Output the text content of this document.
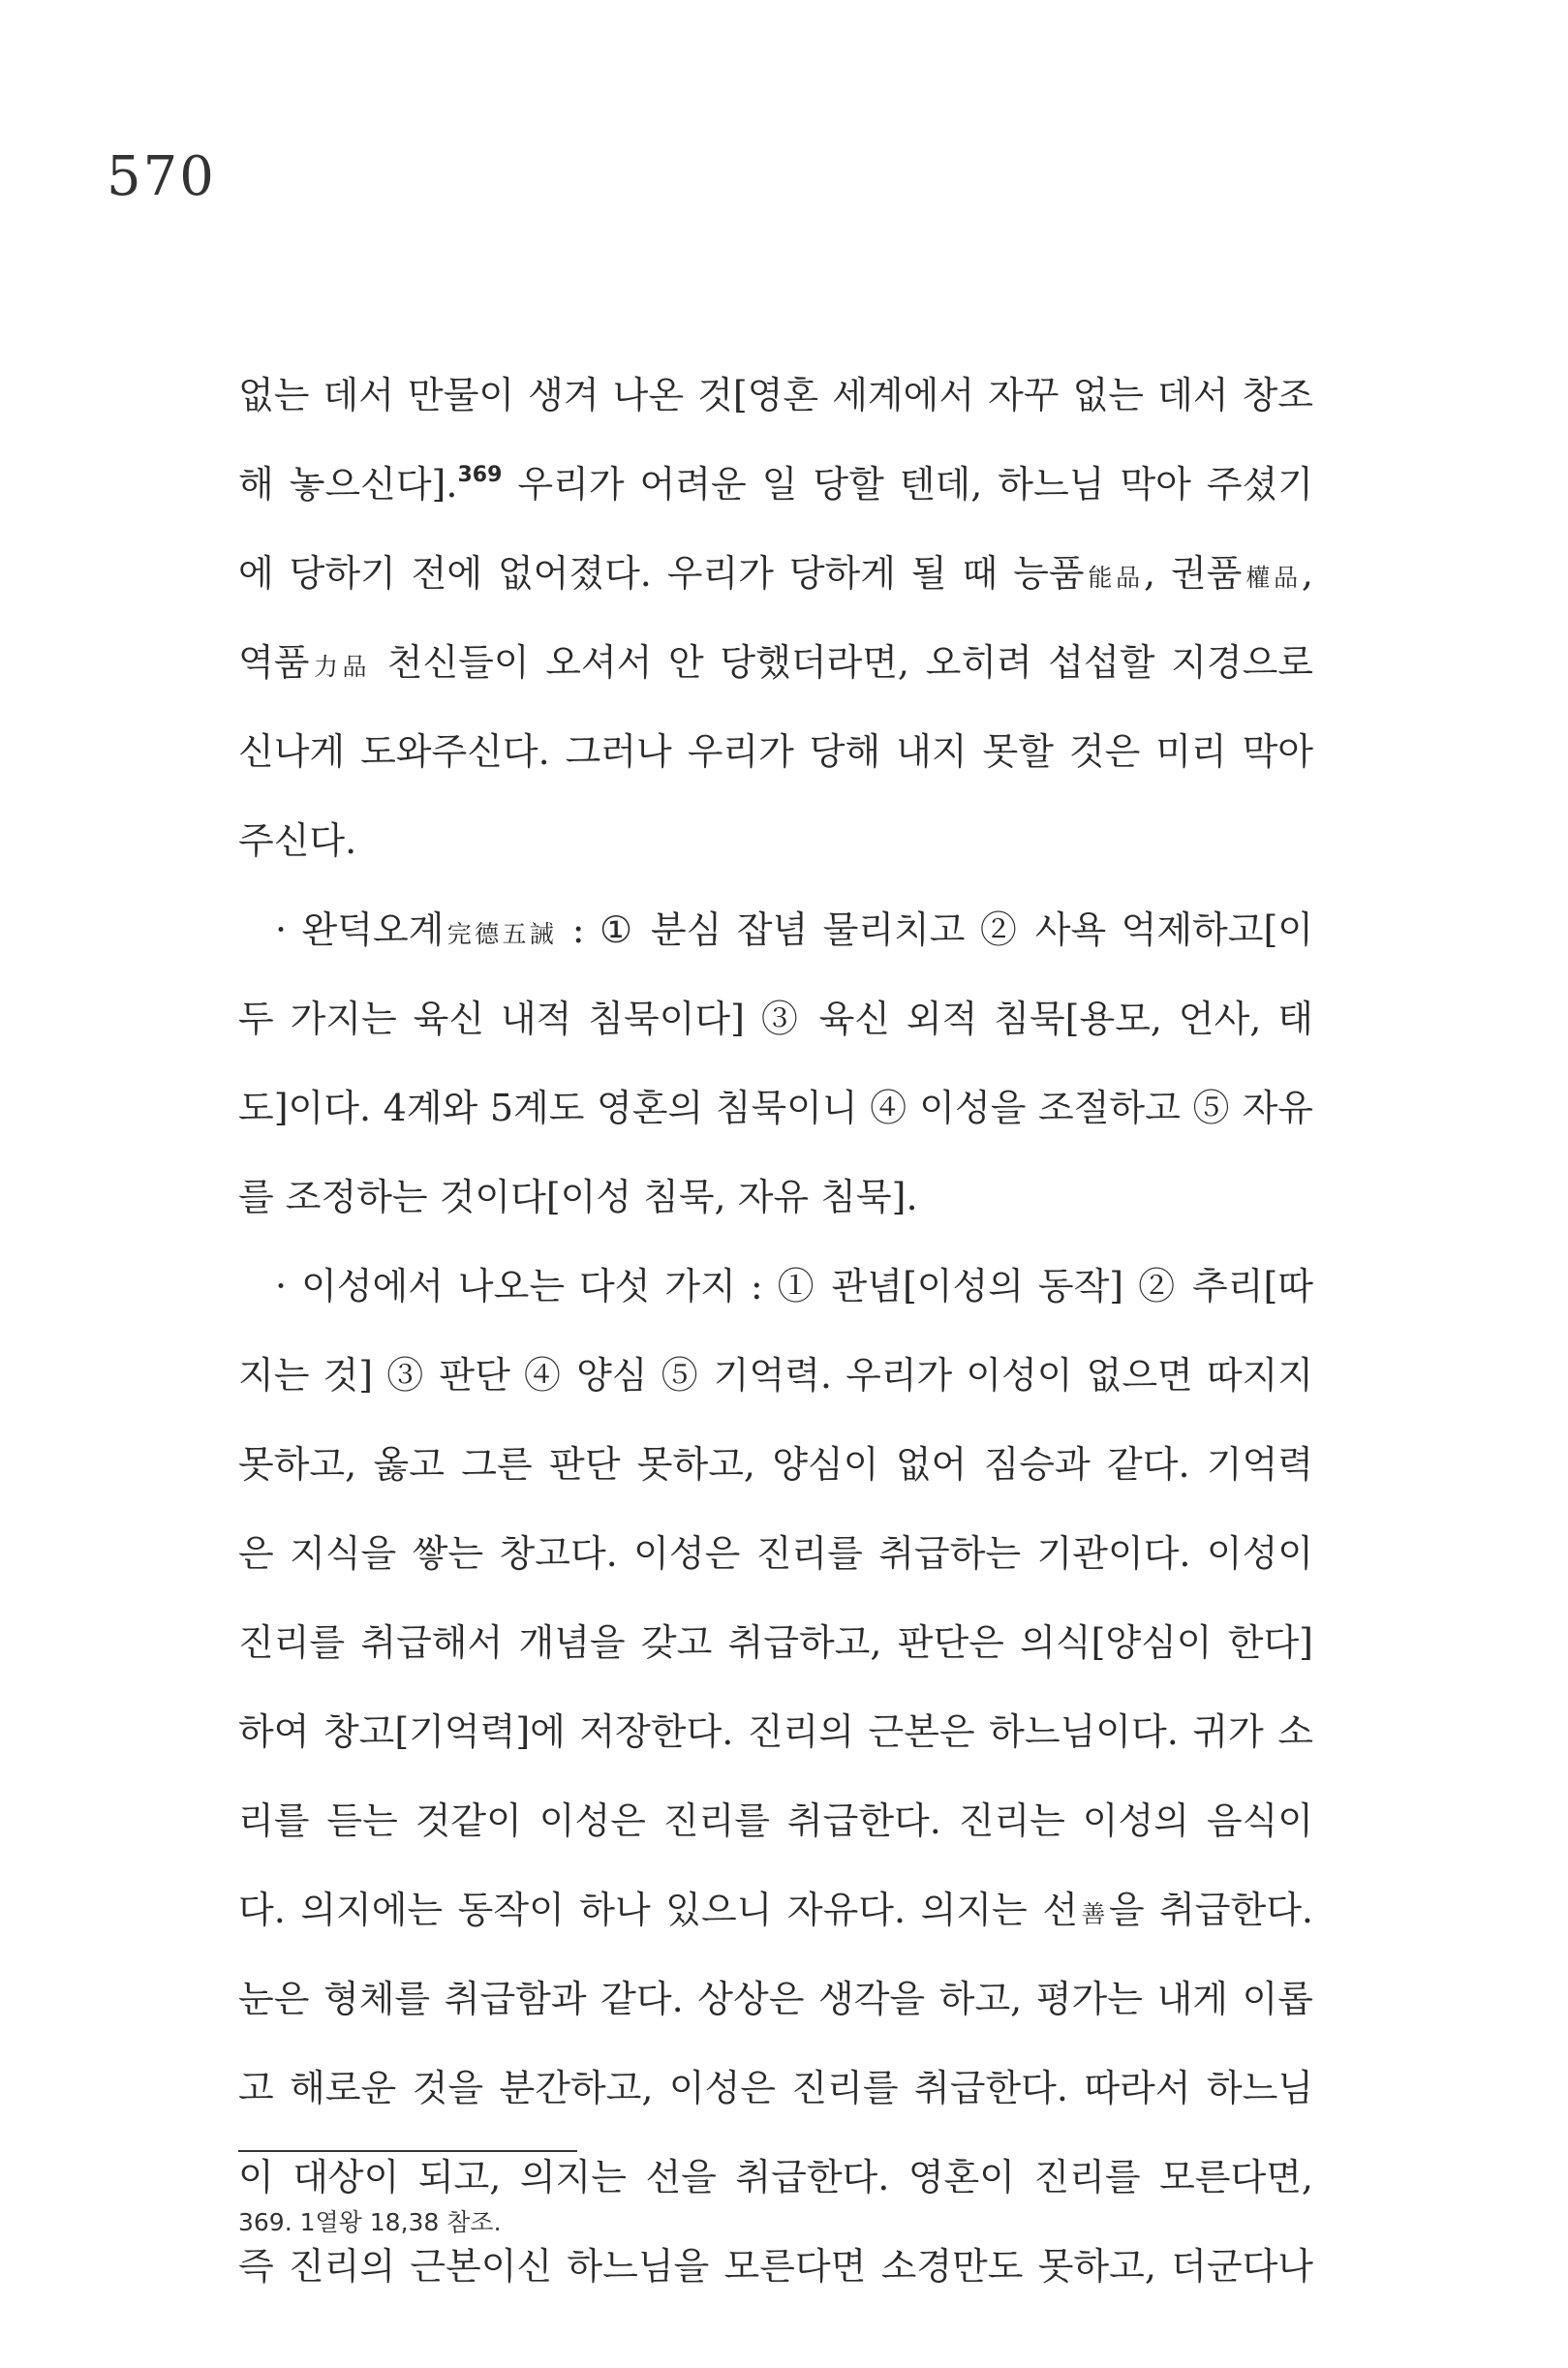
570
없는 데서 만물이 생겨 나온 것[영혼 세계에서 자꾸 없는 데서 창조
해 놓으신다].$^{369}$ 우리가 어려운 일 당할 텐데, 하느님 막아 주셨기
에 당하기 전에 없어졌다. 우리가 당하게 될 때 능품能品, 권품權品,
역품力品 천신들이 오셔서 안 당했더라면, 오히려 섭섭할 지경으로
신나게 도와주신다. 그러나 우리가 당해 내지 못할 것은 미리 막아
주신다.
· 완덕오계完德五誡 : ① 분심 잡념 물리치고 ② 사욕 억제하고[이
두 가지는 육신 내적 침묵이다] ③ 육신 외적 침묵[용모, 언사, 태
도]이다. 4계와 5계도 영혼의 침묵이니 ④ 이성을 조절하고 ⑤ 자유
를 조정하는 것이다[이성 침묵, 자유 침묵].
· 이성에서 나오는 다섯 가지 : ① 관념[이성의 동작] ② 추리[따
지는 것] ③ 판단 ④ 양심 ⑤ 기억력. 우리가 이성이 없으면 따지지
못하고, 옳고 그른 판단 못하고, 양심이 없어 짐승과 같다. 기억력
은 지식을 쌓는 창고다. 이성은 진리를 취급하는 기관이다. 이성이
진리를 취급해서 개념을 갖고 취급하고, 판단은 의식[양심이 한다]
하여 창고[기억력]에 저장한다. 진리의 근본은 하느님이다. 귀가 소
리를 듣는 것같이 이성은 진리를 취급한다. 진리는 이성의 음식이
다. 의지에는 동작이 하나 있으니 자유다. 의지는 선善을 취급한다.
눈은 형체를 취급함과 같다. 상상은 생각을 하고, 평가는 내게 이롭
고 해로운 것을 분간하고, 이성은 진리를 취급한다. 따라서 하느님
이 대상이 되고, 의지는 선을 취급한다. 영혼이 진리를 모른다면,
즉 진리의 근본이신 하느님을 모른다면 소경만도 못하고, 더군다나
369. 1열왕 18,38 참조.
